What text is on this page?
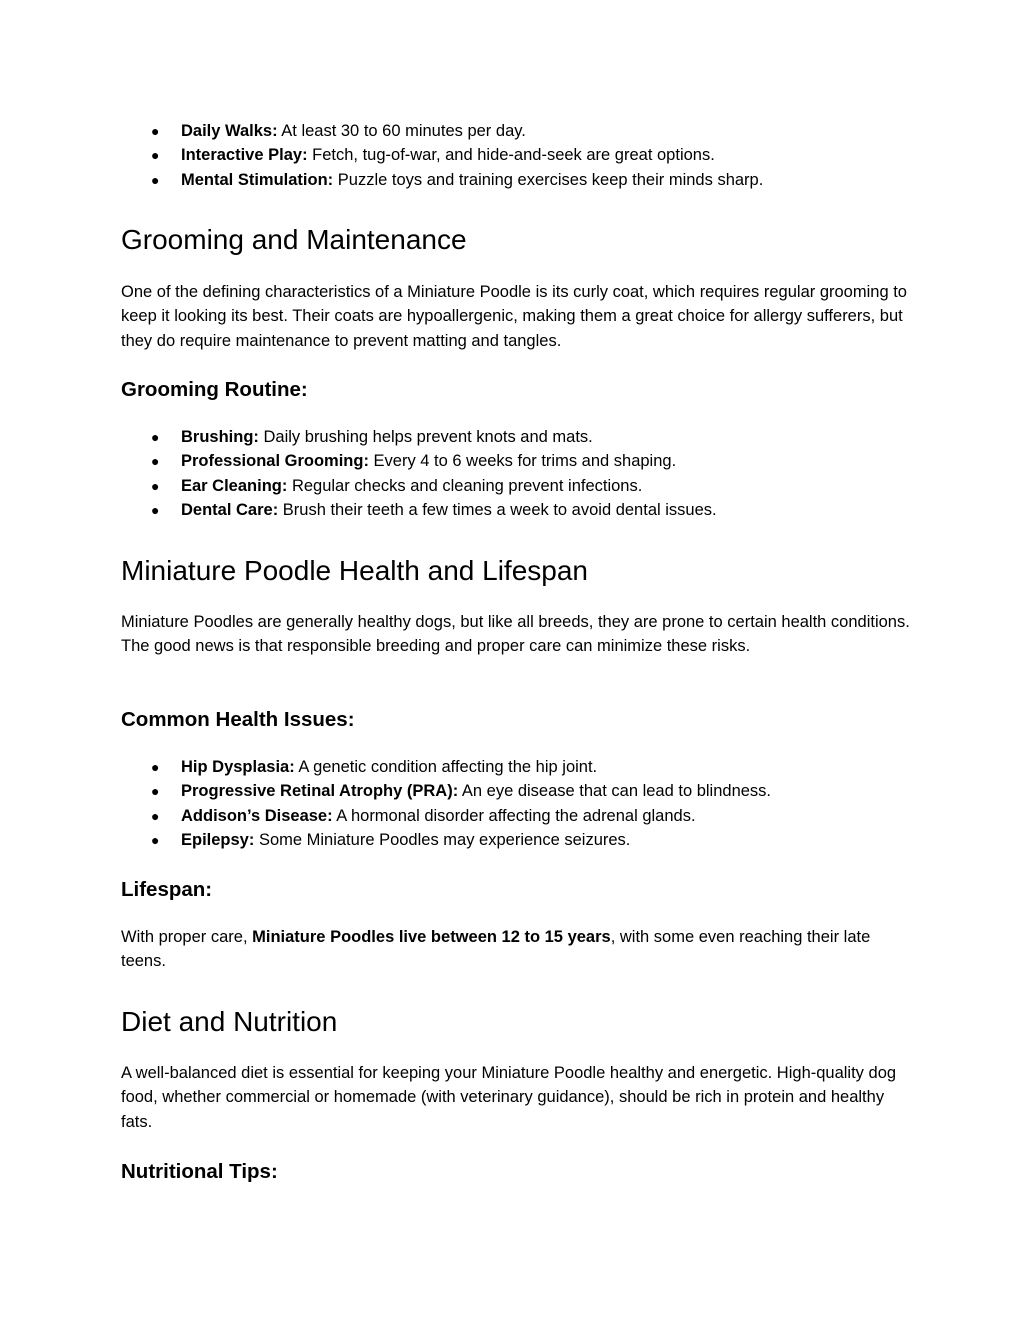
● Daily Walks: At least 30 to 60 minutes per day.
● Interactive Play: Fetch, tug-of-war, and hide-and-seek are great options.
● Mental Stimulation: Puzzle toys and training exercises keep their minds sharp.
Grooming and Maintenance

One of the defining characteristics of a Miniature Poodle is its curly coat, which requires regular grooming to keep it looking its best. Their coats are hypoallergenic, making them a great choice for allergy sufferers, but they do require maintenance to prevent matting and tangles.

Grooming Routine:
● Brushing: Daily brushing helps prevent knots and mats.
● Professional Grooming: Every 4 to 6 weeks for trims and shaping.
● Ear Cleaning: Regular checks and cleaning prevent infections.
● Dental Care: Brush their teeth a few times a week to avoid dental issues.
Miniature Poodle Health and Lifespan

Miniature Poodles are generally healthy dogs, but like all breeds, they are prone to certain health conditions. The good news is that responsible breeding and proper care can minimize these risks.

Common Health Issues:
● Hip Dysplasia: A genetic condition affecting the hip joint.
● Progressive Retinal Atrophy (PRA): An eye disease that can lead to blindness.
● Addison’s Disease: A hormonal disorder affecting the adrenal glands.
● Epilepsy: Some Miniature Poodles may experience seizures.
Lifespan:

With proper care, Miniature Poodles live between 12 to 15 years, with some even reaching their late teens.

Diet and Nutrition

A well-balanced diet is essential for keeping your Miniature Poodle healthy and energetic. High-quality dog food, whether commercial or homemade (with veterinary guidance), should be rich in protein and healthy fats.

Nutritional Tips:
